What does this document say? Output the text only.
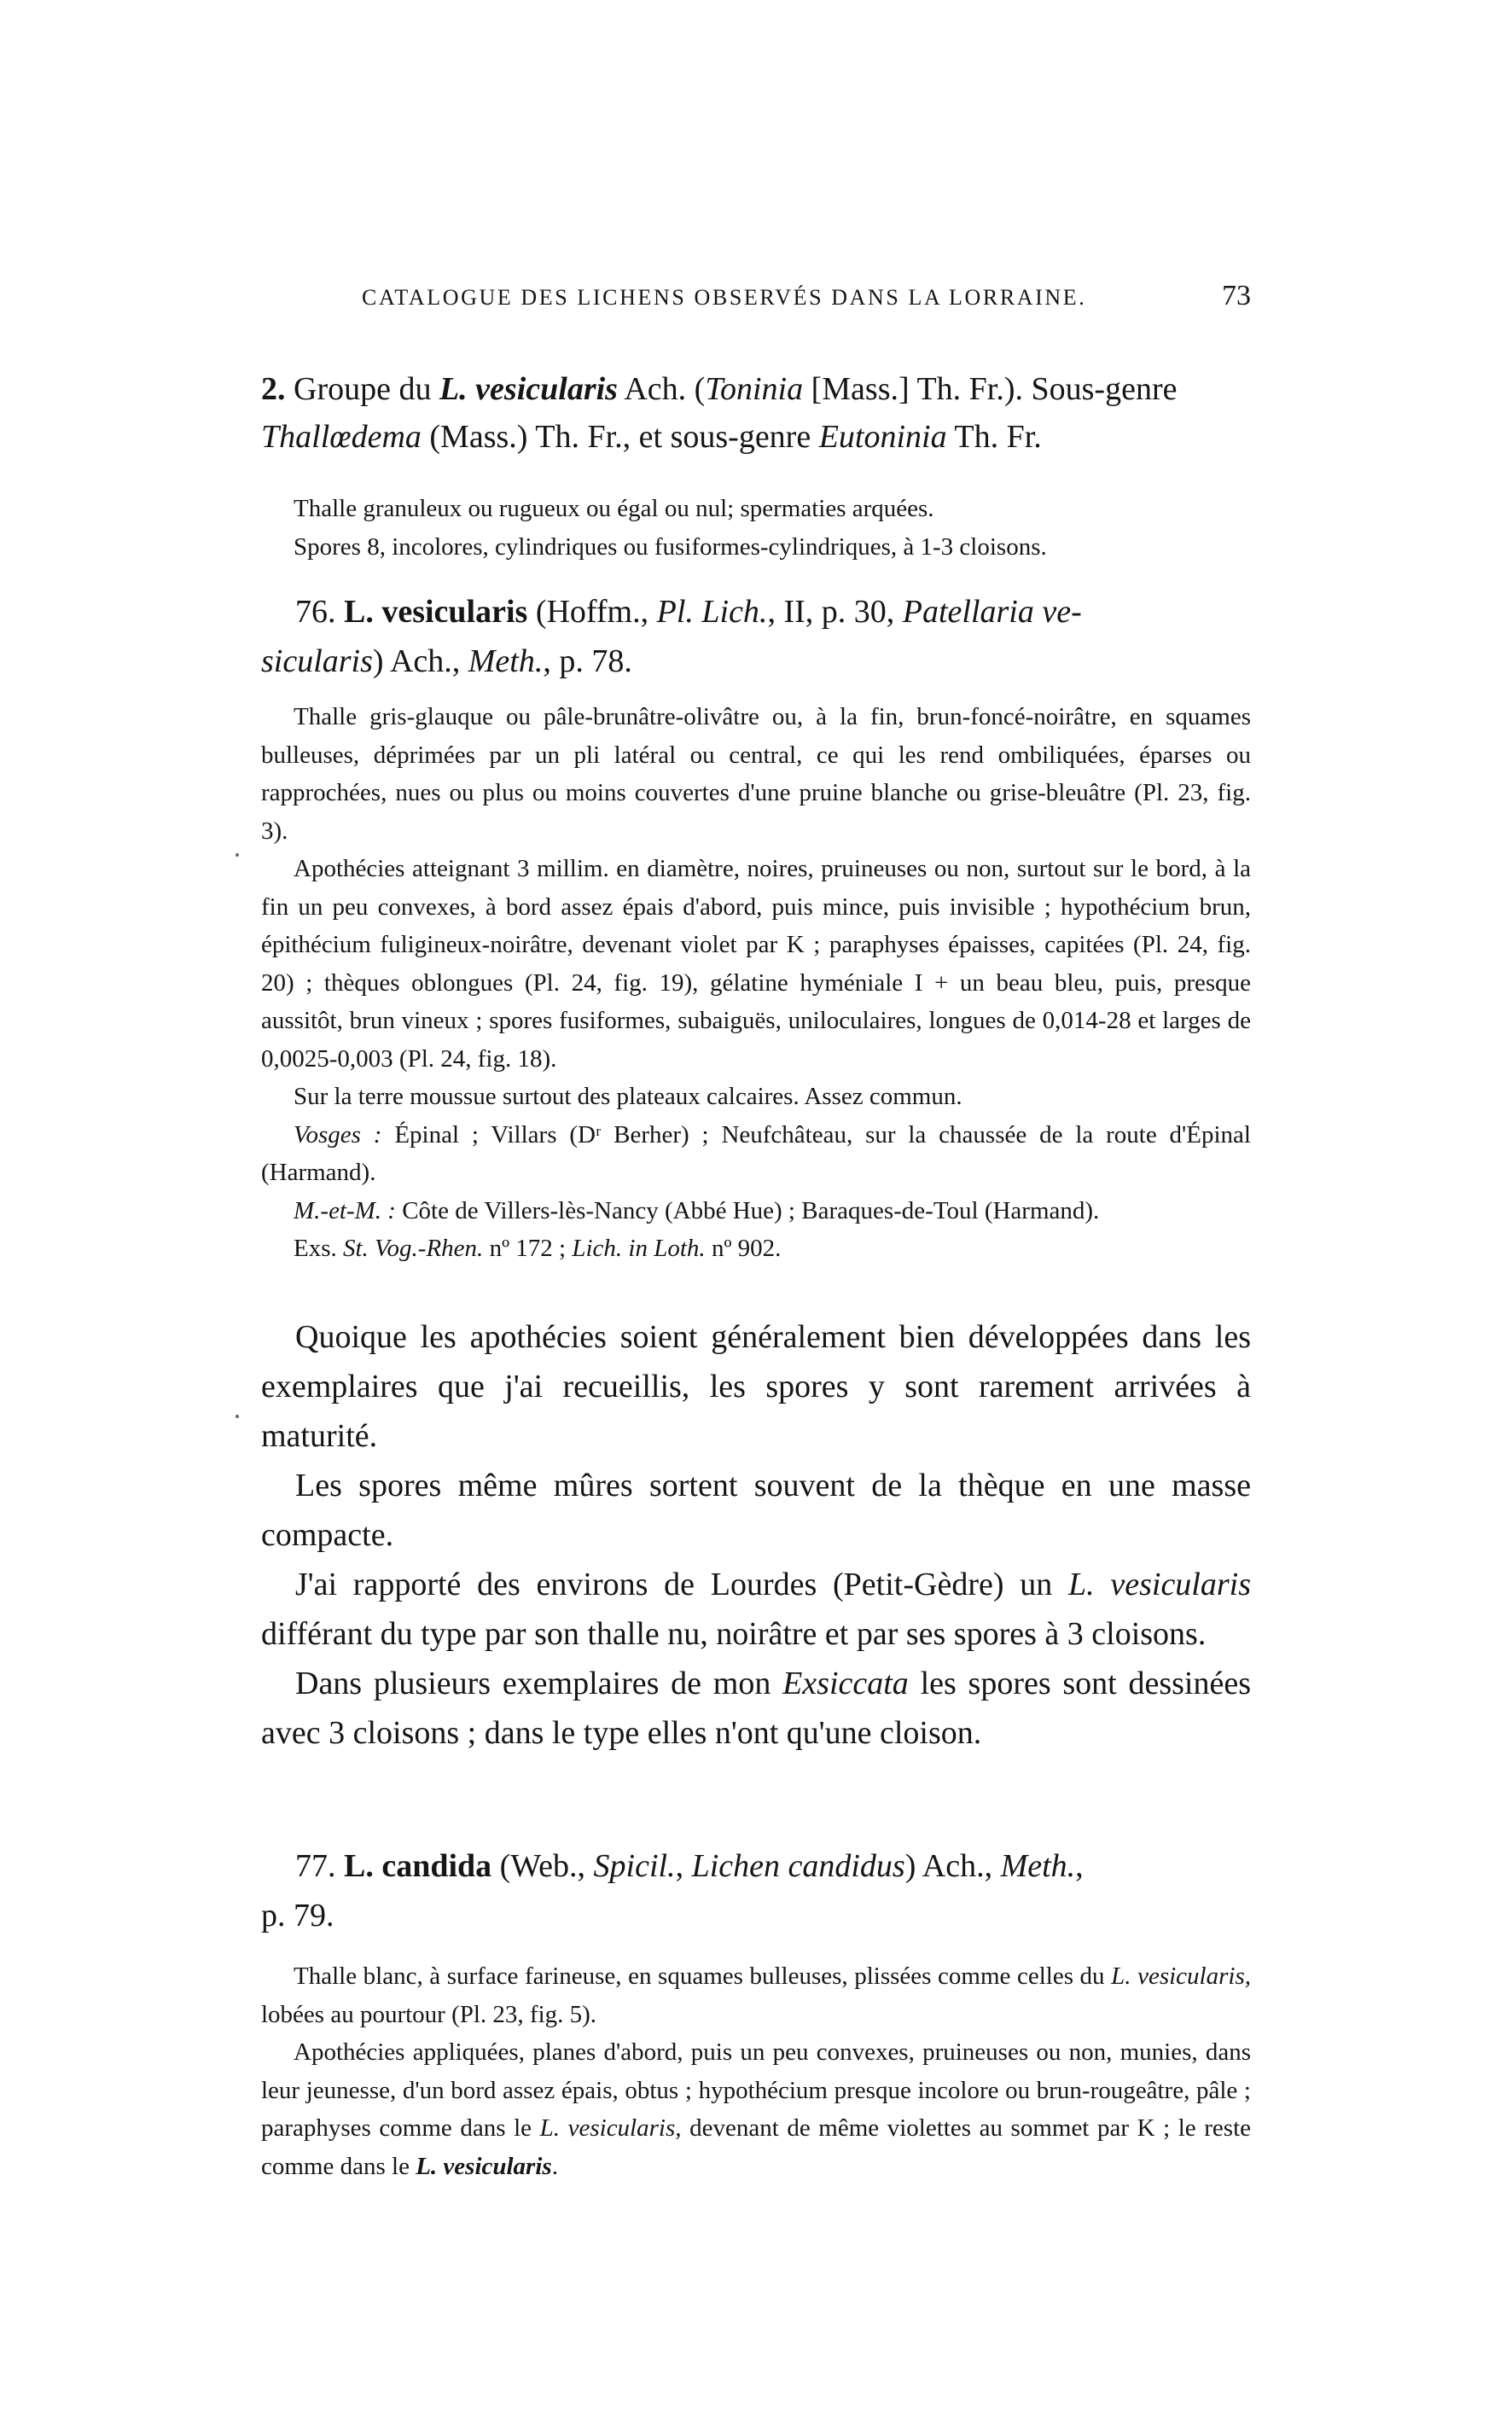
CATALOGUE DES LICHENS OBSERVÉS DANS LA LORRAINE.	73

2. Groupe du L. vesicularis Ach. (Toninia [Mass.] Th. Fr.). Sous-genre
Thallœdema (Mass.) Th. Fr., et sous-genre Eutoninia Th. Fr.

Thalle granuleux ou rugueux ou égal ou nul; spermaties arquées.

Spores 8, incolores, cylindriques ou fusiformes-cylindriques, à 1-3 cloisons.

76. L. vesicularis (Hoffm., Pl. Lich., II, p. 30, Patellaria ve-
sicularis) Ach., Meth., p. 78.

Thalle gris-glauque ou pâle-brunâtre-olivâtre ou, à la fin, brun-foncé-noirâtre, en squames bulleuses, déprimées par un pli latéral ou central, ce qui les rend ombiliquées, éparses ou rapprochées, nues ou plus ou moins couvertes d'une pruine blanche ou grise-bleuâtre (Pl. 23, fig. 3).

Apothécies atteignant 3 millim. en diamètre, noires, pruineuses ou non, surtout sur le bord, à la fin un peu convexes, à bord assez épais d'abord, puis mince, puis invisible ; hypothécium brun, épithécium fuligineux-noirâtre, devenant violet par K ; paraphyses épaisses, capitées (Pl. 24, fig. 20) ; thèques oblongues (Pl. 24, fig. 19), gélatine hyméniale I + un beau bleu, puis, presque aussitôt, brun vineux ; spores fusiformes, subaiguës, uniloculaires, longues de 0,014-28 et larges de 0,0025-0,003 (Pl. 24, fig. 18).

Sur la terre moussue surtout des plateaux calcaires. Assez commun.

Vosges : Épinal ; Villars (Dʳ Berher) ; Neufchâteau, sur la chaussée de la route d'Épinal (Harmand).

M.-et-M. : Côte de Villers-lès-Nancy (Abbé Hue) ; Baraques-de-Toul (Harmand).

Exs. St. Vog.-Rhen. nº 172 ; Lich. in Loth. nº 902.

Quoique les apothécies soient généralement bien développées dans les exemplaires que j'ai recueillis, les spores y sont rarement arrivées à maturité.

Les spores même mûres sortent souvent de la thèque en une masse compacte.

J'ai rapporté des environs de Lourdes (Petit-Gèdre) un L. vesicularis différant du type par son thalle nu, noirâtre et par ses spores à 3 cloisons.

Dans plusieurs exemplaires de mon Exsiccata les spores sont dessinées avec 3 cloisons ; dans le type elles n'ont qu'une cloison.

77. L. candida (Web., Spicil., Lichen candidus) Ach., Meth.,
p. 79.

Thalle blanc, à surface farineuse, en squames bulleuses, plissées comme celles du L. vesicularis, lobées au pourtour (Pl. 23, fig. 5).

Apothécies appliquées, planes d'abord, puis un peu convexes, pruineuses ou non, munies, dans leur jeunesse, d'un bord assez épais, obtus ; hypothécium presque incolore ou brun-rougeâtre, pâle ; paraphyses comme dans le L. vesicularis, devenant de même violettes au sommet par K ; le reste comme dans le L. vesicularis.
